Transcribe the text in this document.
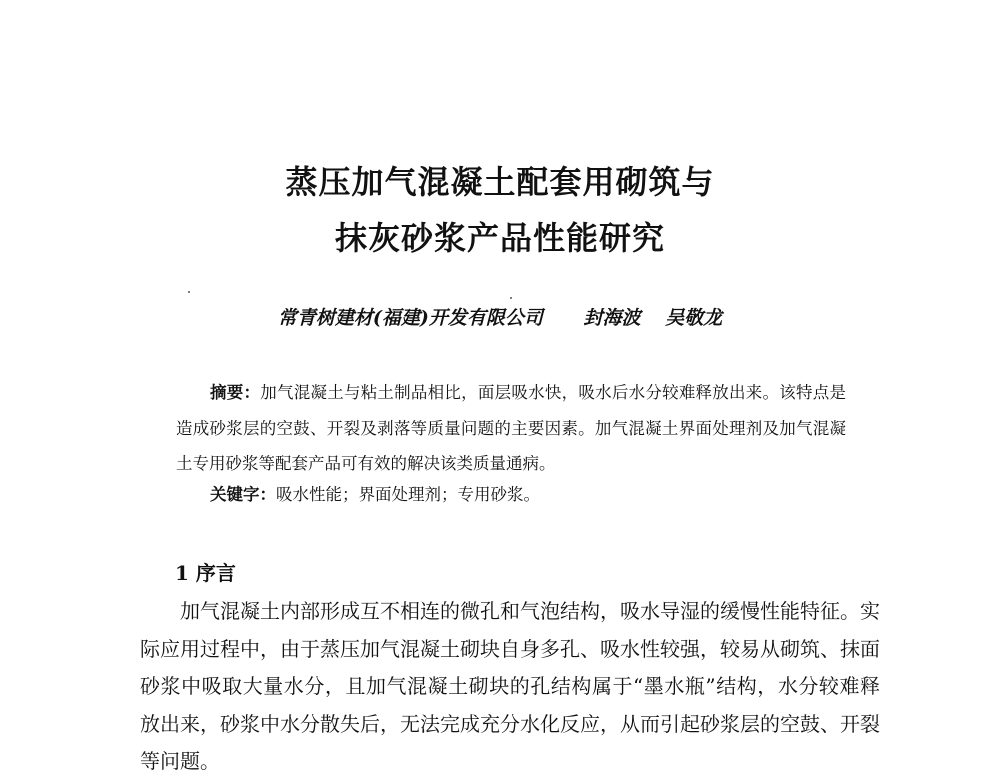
蒸压加气混凝土配套用砌筑与
抹灰砂浆产品性能研究
常青树建材(福建)开发有限公司 封海波 吴敬龙

摘要：加气混凝土与粘土制品相比，面层吸水快，吸水后水分较难释放出来。该特点是造成砂浆层的空鼓、开裂及剥落等质量问题的主要因素。加气混凝土界面处理剂及加气混凝土专用砂浆等配套产品可有效的解决该类质量通病。

关键字：吸水性能；界面处理剂；专用砂浆。
1 序言

加气混凝土内部形成互不相连的微孔和气泡结构，吸水导湿的缓慢性能特征。实际应用过程中，由于蒸压加气混凝土砌块自身多孔、吸水性较强，较易从砌筑、抹面砂浆中吸取大量水分，且加气混凝土砌块的孔结构属于“墨水瓶”结构，水分较难释放出来，砂浆中水分散失后，无法完成充分水化反应，从而引起砂浆层的空鼓、开裂等问题。
